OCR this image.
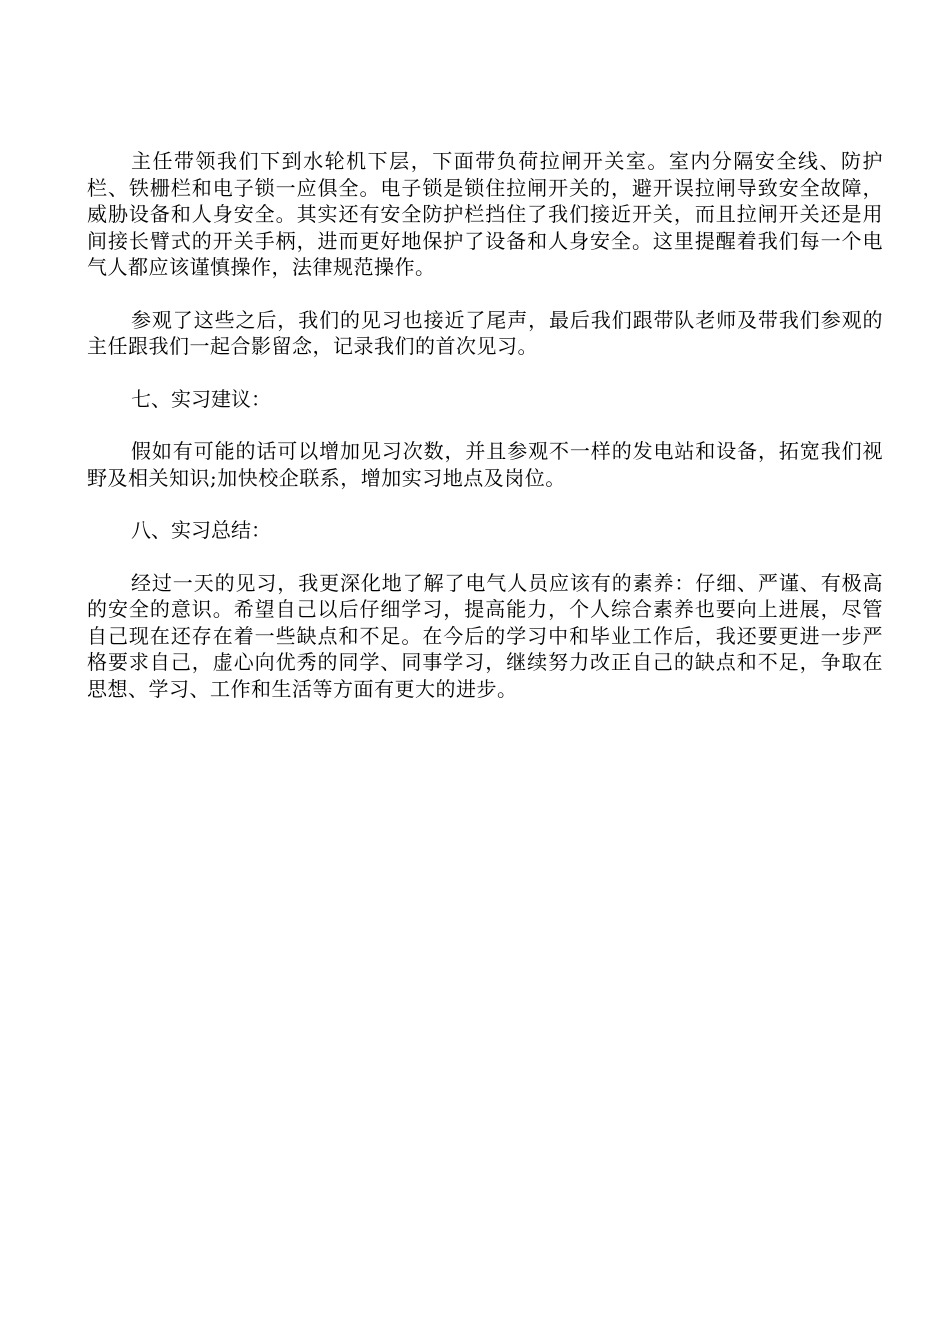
主任带领我们下到水轮机下层，下面带负荷拉闸开关室。室内分隔安全线、防护栏、铁栅栏和电子锁一应俱全。电子锁是锁住拉闸开关的，避开误拉闸导致安全故障，威胁设备和人身安全。其实还有安全防护栏挡住了我们接近开关，而且拉闸开关还是用间接长臂式的开关手柄，进而更好地保护了设备和人身安全。这里提醒着我们每一个电气人都应该谨慎操作，法律规范操作。

参观了这些之后，我们的见习也接近了尾声，最后我们跟带队老师及带我们参观的主任跟我们一起合影留念，记录我们的首次见习。

七、实习建议：

假如有可能的话可以增加见习次数，并且参观不一样的发电站和设备，拓宽我们视野及相关知识;加快校企联系，增加实习地点及岗位。

八、实习总结：

经过一天的见习，我更深化地了解了电气人员应该有的素养：仔细、严谨、有极高的安全的意识。希望自己以后仔细学习，提高能力，个人综合素养也要向上进展，尽管自己现在还存在着一些缺点和不足。在今后的学习中和毕业工作后，我还要更进一步严格要求自己，虚心向优秀的同学、同事学习，继续努力改正自己的缺点和不足，争取在思想、学习、工作和生活等方面有更大的进步。
